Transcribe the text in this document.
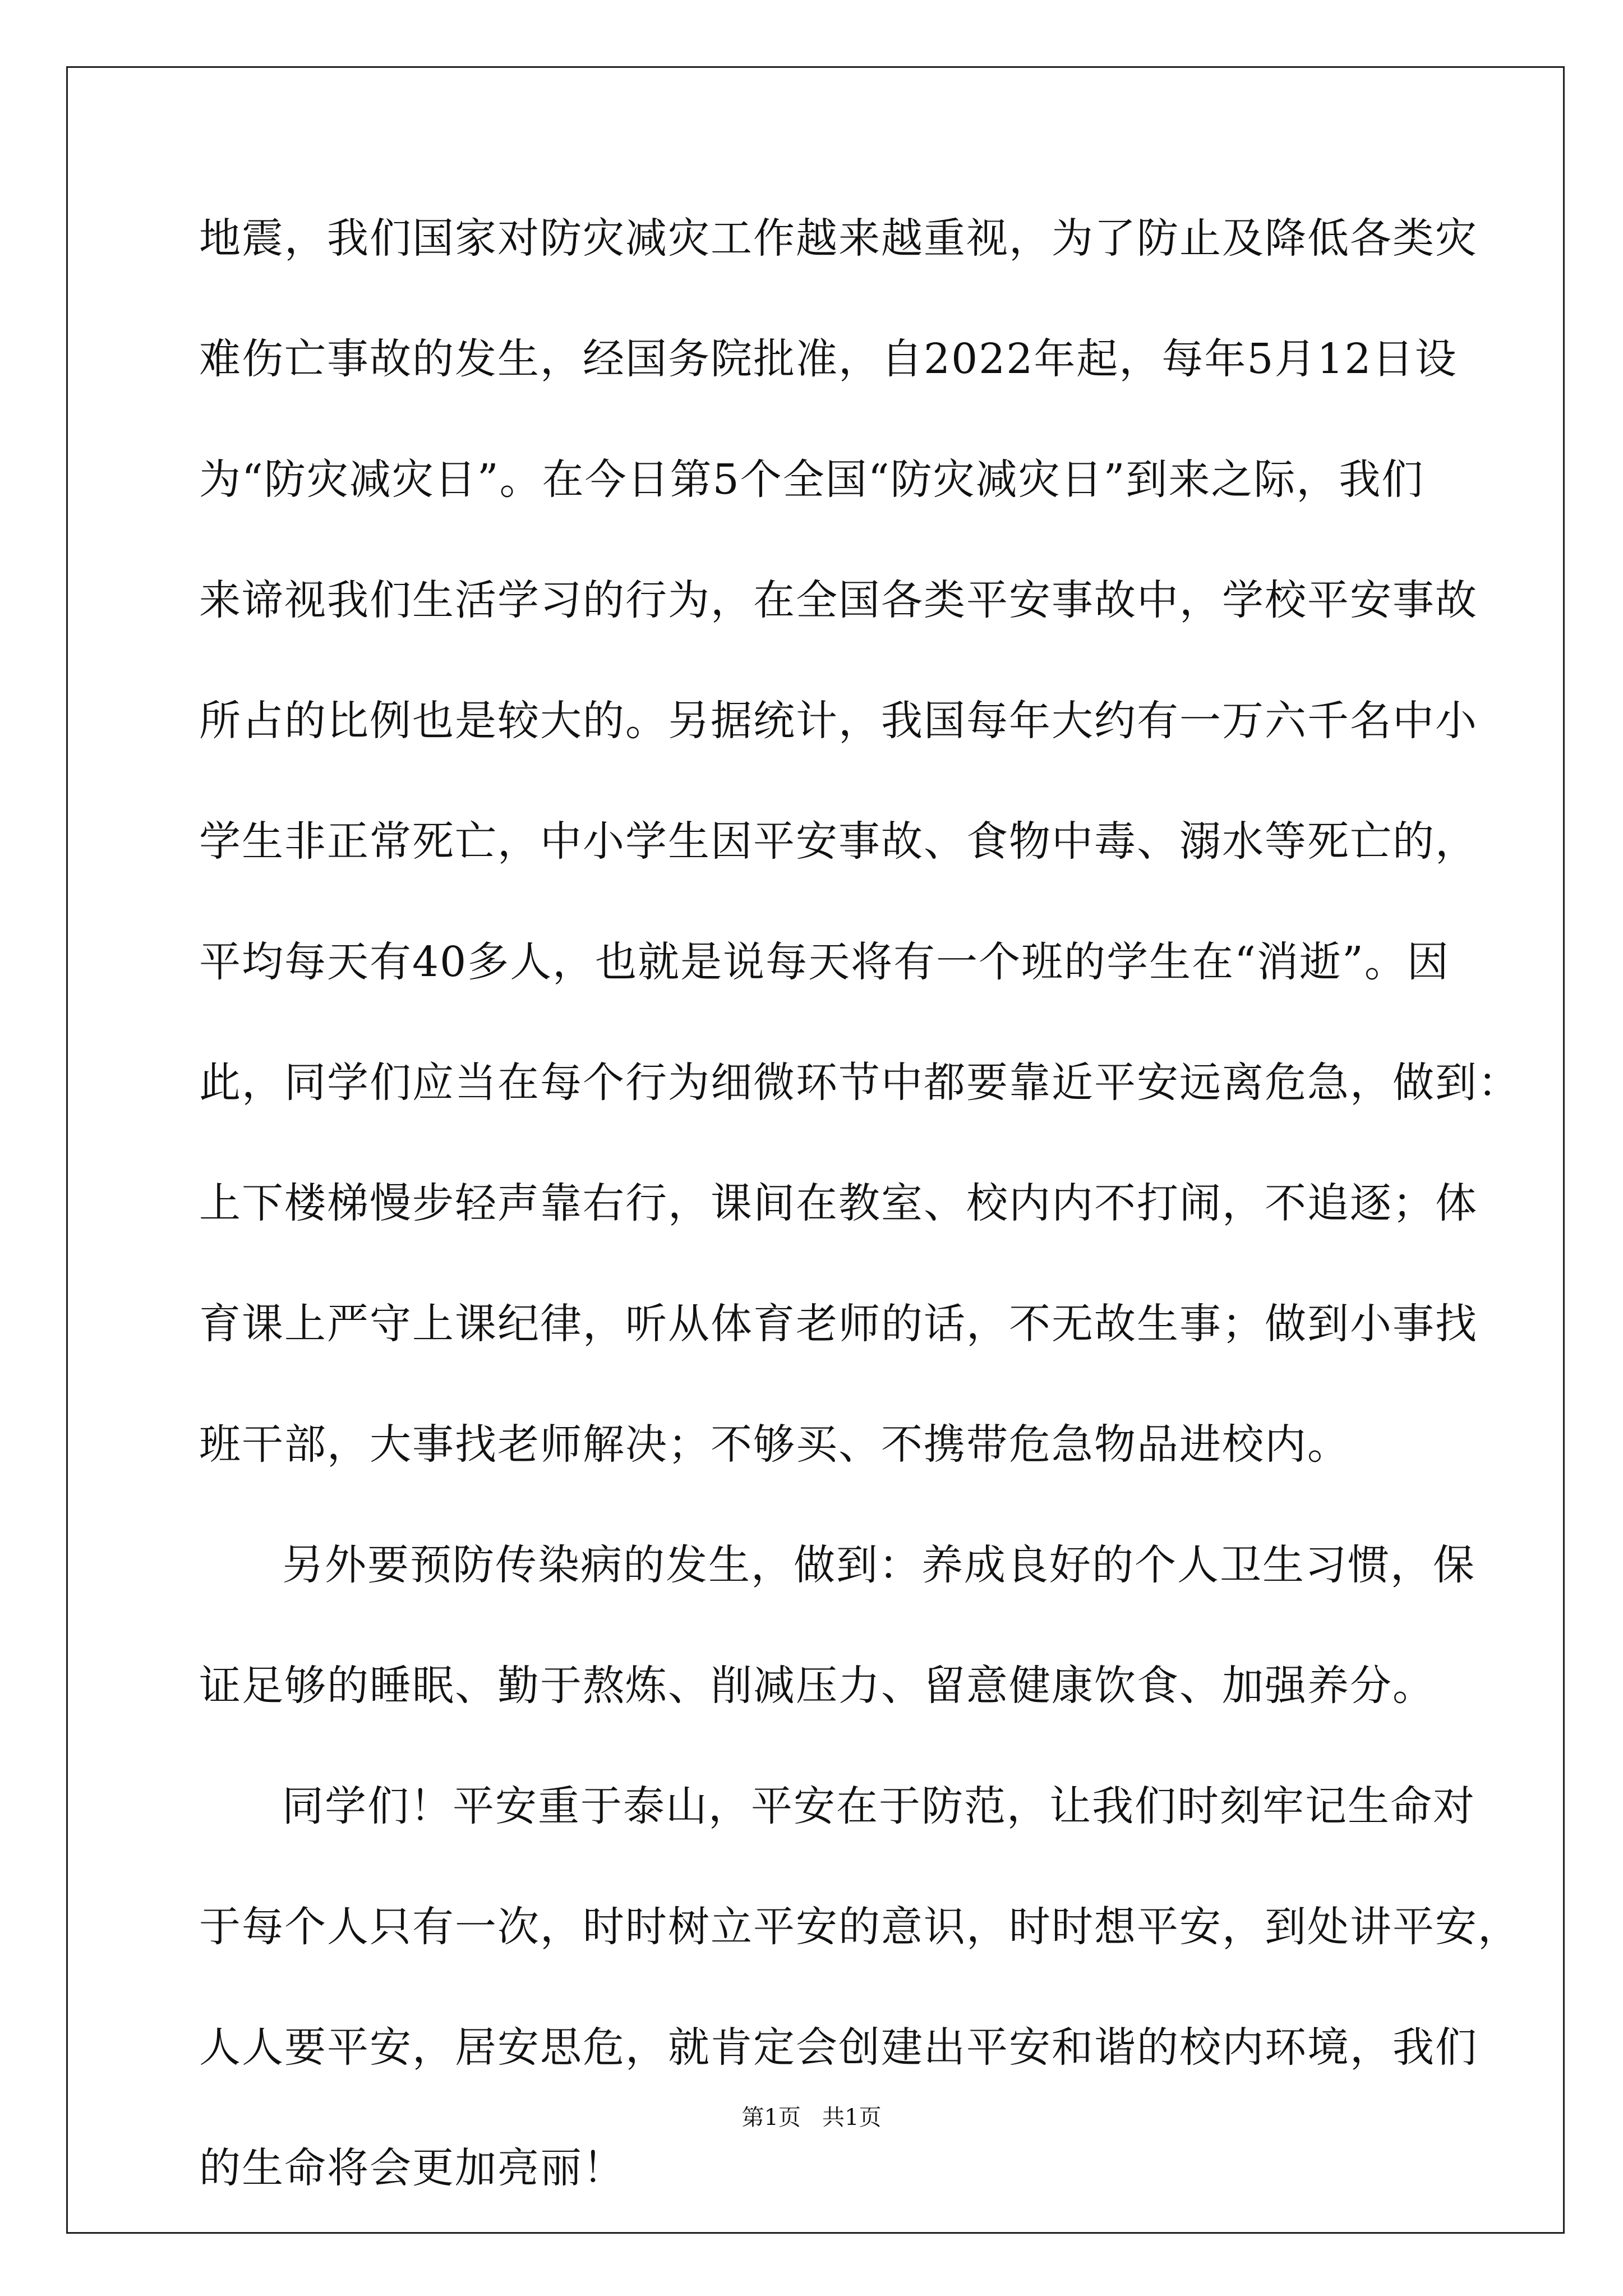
地震，我们国家对防灾减灾工作越来越重视，为了防止及降低各类灾
难伤亡事故的发生，经国务院批准，自2022年起，每年5月12日设
为“防灾减灾日”。在今日第5个全国“防灾减灾日”到来之际，我们
来谛视我们生活学习的行为，在全国各类平安事故中，学校平安事故
所占的比例也是较大的。另据统计，我国每年大约有一万六千名中小
学生非正常死亡，中小学生因平安事故、食物中毒、溺水等死亡的，
平均每天有40多人，也就是说每天将有一个班的学生在“消逝”。因
此，同学们应当在每个行为细微环节中都要靠近平安远离危急，做到：
上下楼梯慢步轻声靠右行，课间在教室、校内内不打闹，不追逐；体
育课上严守上课纪律，听从体育老师的话，不无故生事；做到小事找
班干部，大事找老师解决；不够买、不携带危急物品进校内。
另外要预防传染病的发生，做到：养成良好的个人卫生习惯，保
证足够的睡眠、勤于熬炼、削减压力、留意健康饮食、加强养分。
同学们！平安重于泰山，平安在于防范，让我们时刻牢记生命对
于每个人只有一次，时时树立平安的意识，时时想平安，到处讲平安，
人人要平安，居安思危，就肯定会创建出平安和谐的校内环境，我们
的生命将会更加亮丽！
第1页   共1页
